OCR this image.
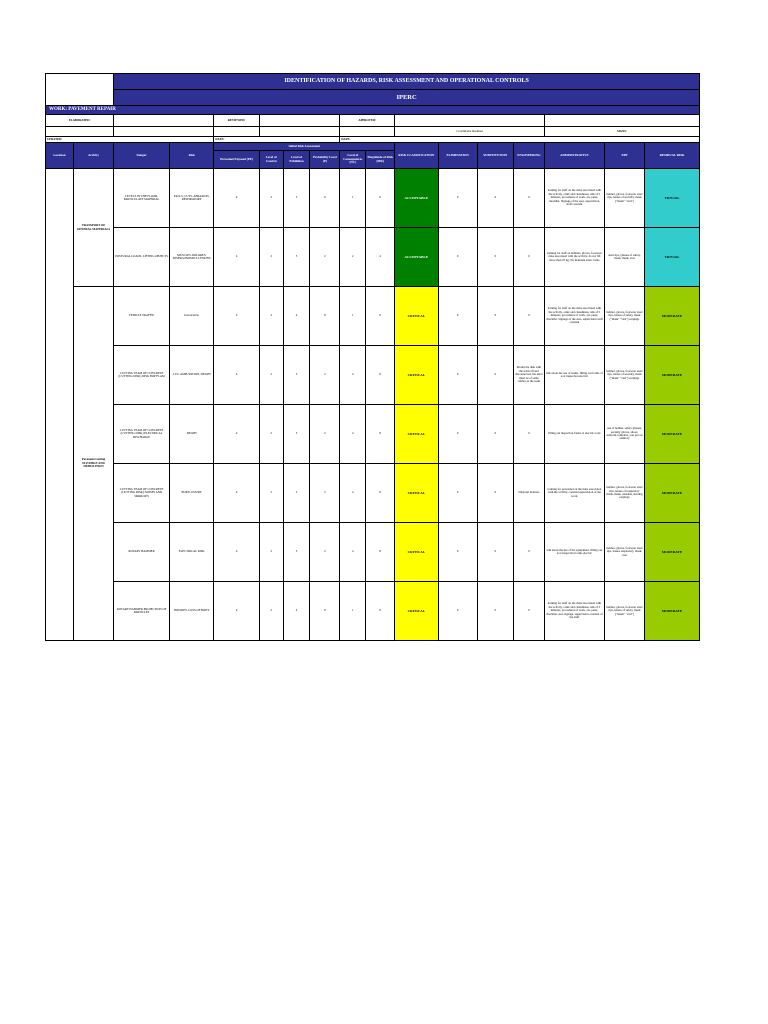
		IDENTIFICATION OF HAZARDS, RISK ASSESSMENT AND OPERATIONAL CONTROLS														
		IPERC														
WORK: PAVEMENT REPAIR																
ELABORATED:				REVIEWED:				APPROVED:								
										Coordinador Residual				SIGNS:		
UPDATED:				DATE:				DATE:								
Location	Activity	Danger	Risk	Initial Risk Assessment						RISK CLASSIFICATION	ELIMINATION	SUBSTITUTION	ENGINEERING	ADMINISTRATIVE	EPP	RESIDUAL RISK
				Personnel Exposed (PE)	Level of Control	Level of Exhibition	Probability Level (P)	Level of Consequences (NC)	Magnitude of Risk (MR)							
	TRANSPORT OF GENERAL MATERIALS	LEVELS IN THE FLOOR, PARTICULATE MATERIAL	FALLS, CUTS, ABRASION, RESPIRATORY	4	2	3	6	1	6	ACCEPTABLE	0	0	0	training for staff on the risks associated with the activity, order and cleanliness, talk of 5 minutes, procedures of work, ats, petar, checklist. Signage of the area, supervision, staff constant	helmet, gloves, footwear steel tips, lenses of security, mask ("mask" "vest")	TRIVIAL
		POSTURAL LOADS, LIFTING OBJECTS	MUSCLES DOLORES, DISERGONOMICS LESIONS	4	2	3	2	2	4	ACCEPTABLE	0	0	0	training for staff on helmets, gloves, footwear risks associated with the activity, do not lift more than 25 kg, No maintain static loads	steel tips, glasses of safety, mask, mask, vest	TRIVIAL
	Pavement Cutting FLEXIBLE AND DEMOLITION	VEHICLE TRAFFIC	Intoxication	4	2	4	8	1	8	CRITICAL	0	0	0	training for staff on the risks associated with the activity, order and cleanliness, talk of 5 minutes, procedures of work, ats, petar, checklist. Signage of the area, supervision staff constant	helmet, gloves, footwear steel tips, lenses of safety, mask ("mask" "vest") earplugs	MODERATE
		CUTTING TEAM OF CONCRETE (CUTTING DISK) DISK BOP FLAM	CUT, AMPUTATION, DEATH	4	2	3	2	4	8	CRITICAL	0	0	Mount the disk with the team off and disconnected, the discs must be of same caliber as the team	talk about the use of teams, filling out forms of tool inspection electric	helmet, gloves, footwear steel tips, lenses of security, mask ("mask" "vest") earplugs	MODERATE
		CUTTING TEAM OF CONCRETE (CUTTING DISK) ELECTRICAL DISCHARGE	DEATH	4	2	3	2	4	8	CRITICAL	0	0	0	filling out inspection forms of electric tools	use of helmet, safety glasses, security gloves, shoes, uniform complete, you put on auditory	MODERATE
		CUTTING TEAM OF CONCRETE (CUTTING DISK) NOISES AND SPARKLES	BURN, INJURY	4	2	3	2	4	8	CRITICAL	0	0	Disposal features	training for personnel on the risks associated with the activity, constant supervision of the work	helmet, gloves, footwear steel tips, lenses of respiratory mask, mask, reusable, hearing earplugs	MODERATE
		ROTARY HAMMER	ELECTRICAL RISK	4	2	3	2	4	8	CRITICAL	0	0	0	talk about the use of the equipment, filling out tool inspection forms electric	helmet, gloves, footwear steel tips, lenses respiratory, mask, vest	MODERATE
		ROTARY HAMMER PROJECTION OF PARTICLES	INJURIES, LOSS OF BODY	4	2	4	8	1	8	CRITICAL	0	0	0	training for staff on the risks associated with the activity, order and cleanliness, talk of 5 minutes, procedures of work, ats, petar, checklist, area signage, supervision constant of the staff	helmet, gloves, footwear steel tips, lenses of safety, mask ("mask" "vest")	MODERATE
